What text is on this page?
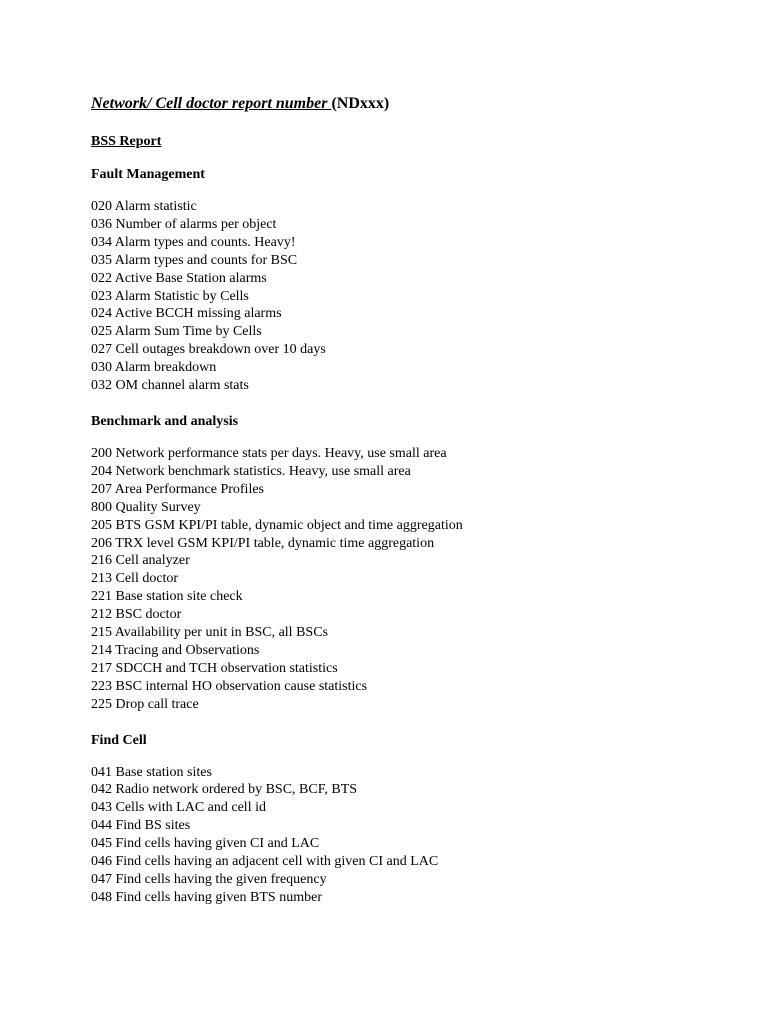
Network/ Cell doctor report number (NDxxx)

BSS Report

Fault Management

020 Alarm statistic
036 Number of alarms per object
034 Alarm types and counts. Heavy!
035 Alarm types and counts for BSC
022 Active Base Station alarms
023 Alarm Statistic by Cells
024 Active BCCH missing alarms
025 Alarm Sum Time by Cells
027 Cell outages breakdown over 10 days
030 Alarm breakdown
032 OM channel alarm stats

Benchmark and analysis

200 Network performance stats per days. Heavy, use small area
204 Network benchmark statistics. Heavy, use small area
207 Area Performance Profiles
800 Quality Survey
205 BTS GSM KPI/PI table, dynamic object and time aggregation
206 TRX level GSM KPI/PI table, dynamic time aggregation
216 Cell analyzer
213 Cell doctor
221 Base station site check
212 BSC doctor
215 Availability per unit in BSC, all BSCs
214 Tracing and Observations
217 SDCCH and TCH observation statistics
223 BSC internal HO observation cause statistics
225 Drop call trace

Find Cell

041 Base station sites
042 Radio network ordered by BSC, BCF, BTS
043 Cells with LAC and cell id
044 Find BS sites
045 Find cells having given CI and LAC
046 Find cells having an adjacent cell with given CI and LAC
047 Find cells having the given frequency
048 Find cells having given BTS number
